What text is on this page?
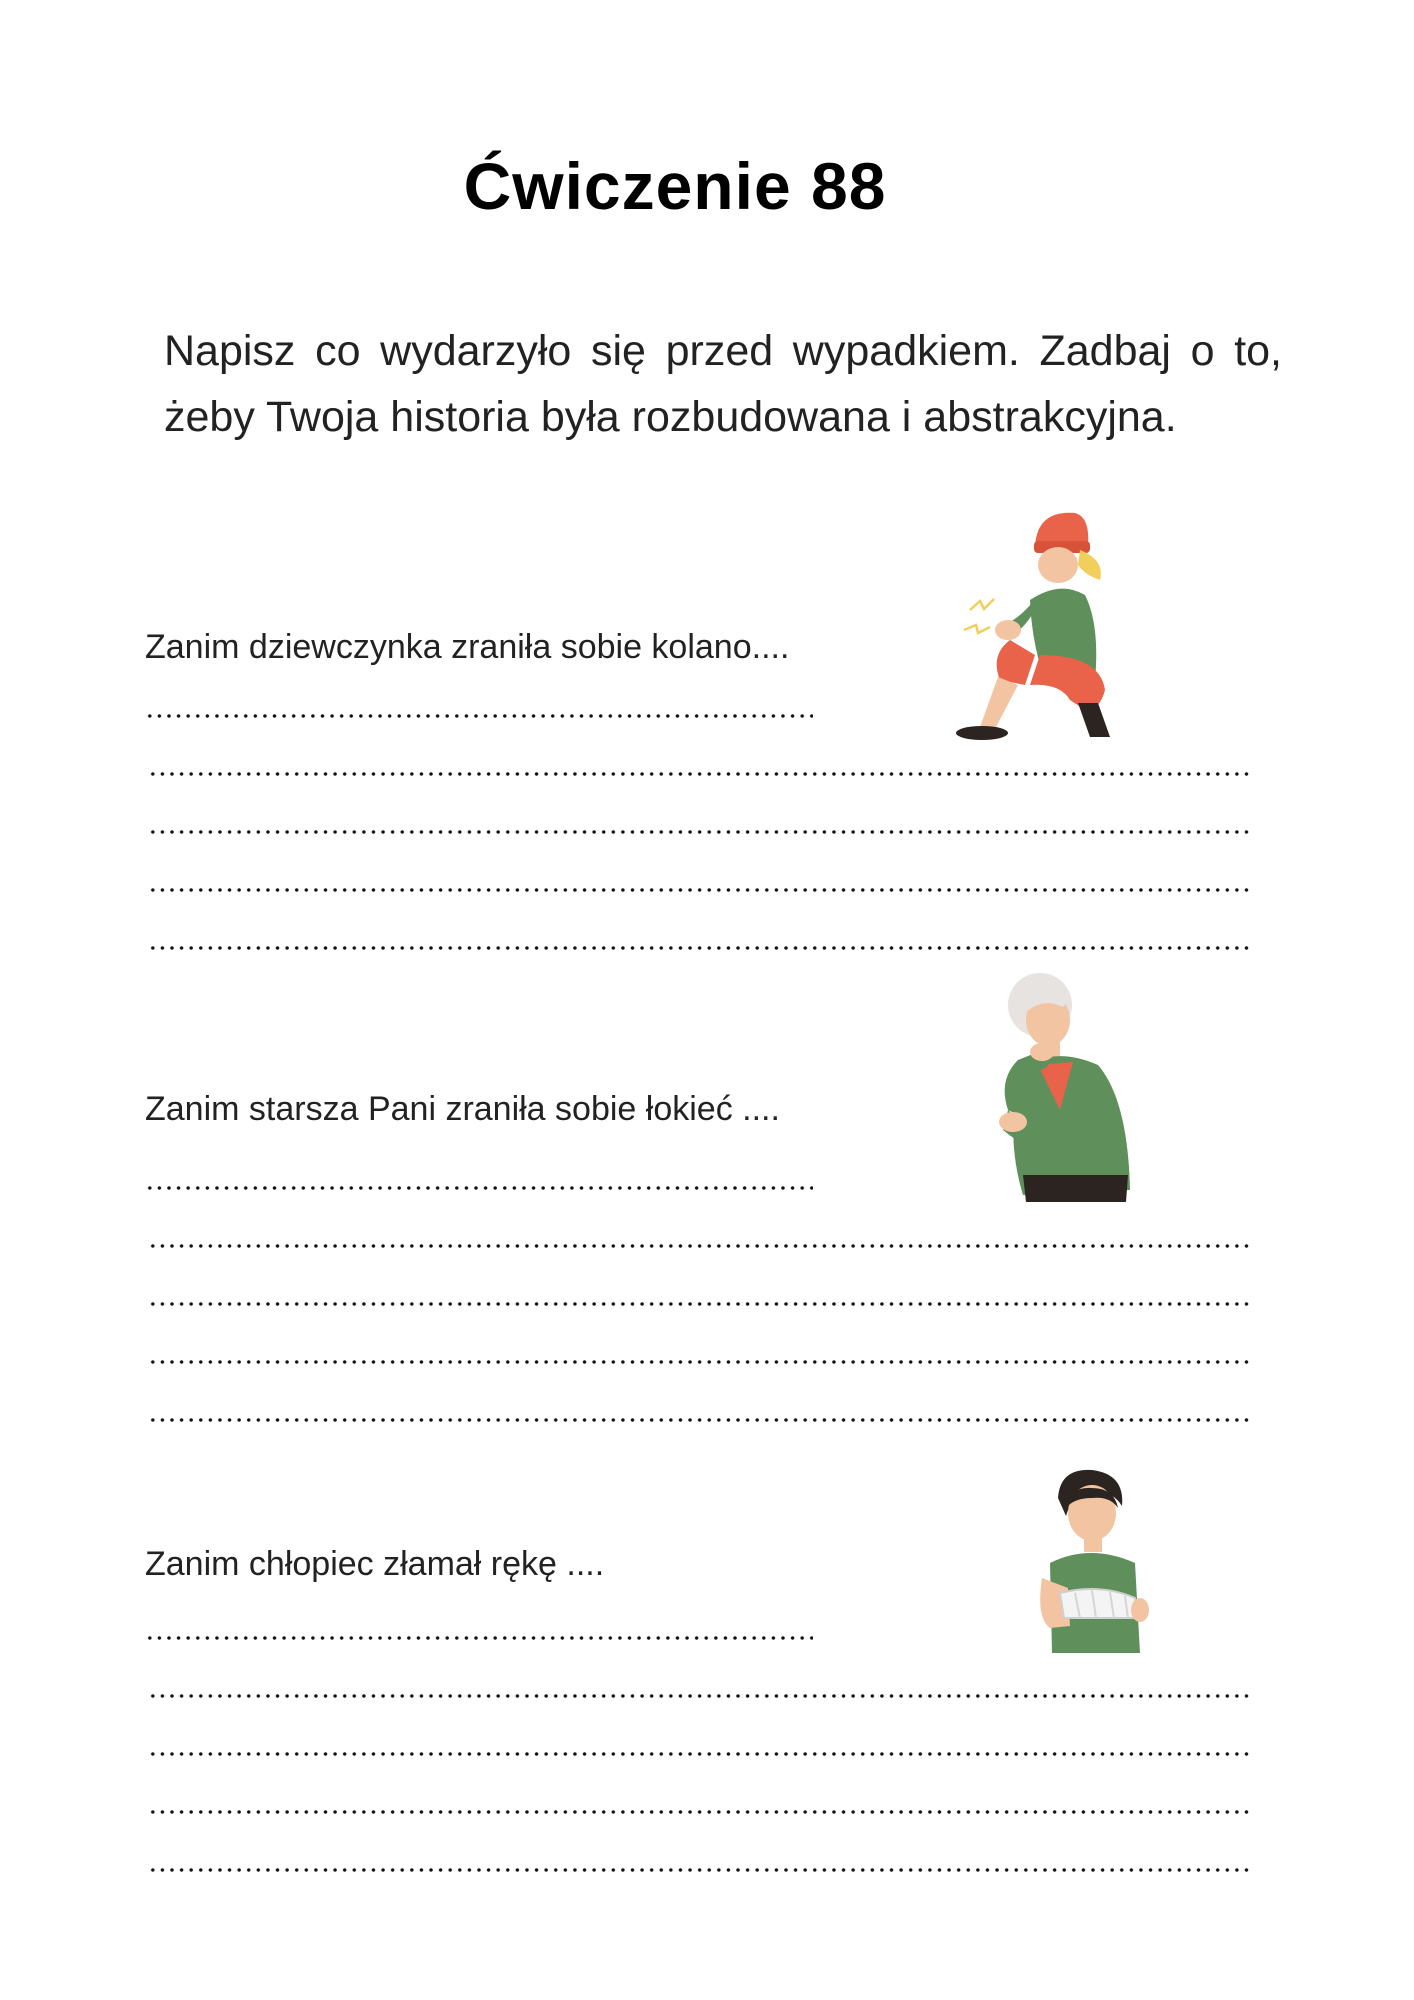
Ćwiczenie 88
Napisz co wydarzyło się przed wypadkiem. Zadbaj o to, żeby Twoja historia była rozbudowana i abstrakcyjna.
Zanim dziewczynka zraniła sobie kolano....
Zanim starsza Pani zraniła sobie łokieć ....
Zanim chłopiec złamał rękę ....
